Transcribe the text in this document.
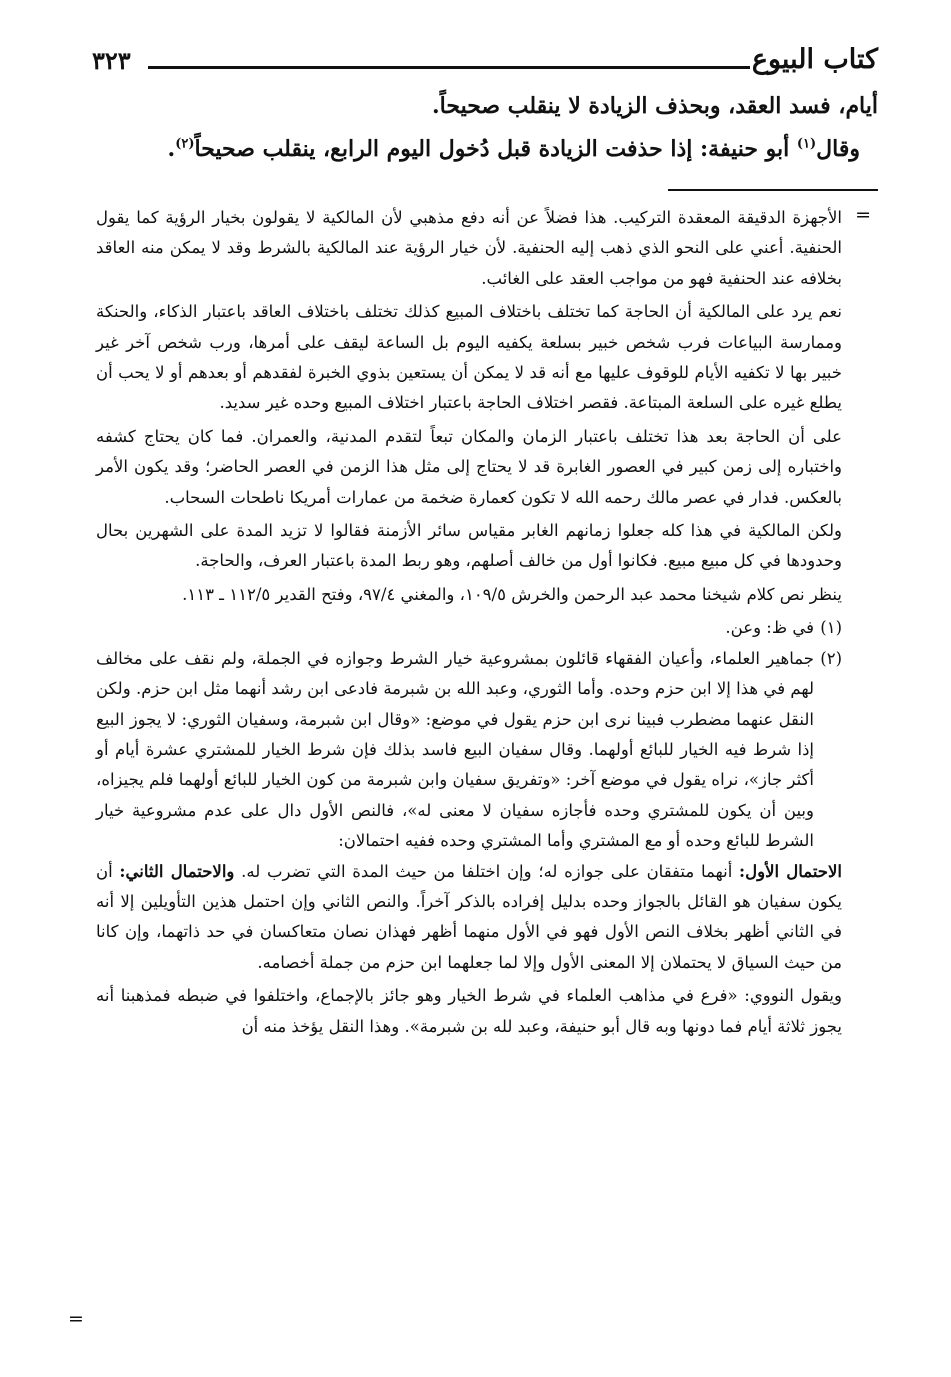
كتاب البيوع
٣٢٣

أيام، فسد العقد، وبحذف الزيادة لا ينقلب صحيحاً.

وقال$^{(١)}$ أبو حنيفة: إذا حذفت الزيادة قبل دُخول اليوم الرابع، ينقلب صحيحاً$^{(٢)}$.

=

الأجهزة الدقيقة المعقدة التركيب. هذا فضلاً عن أنه دفع مذهبي لأن المالكية لا يقولون بخيار الرؤية كما يقول الحنفية. أعني على النحو الذي ذهب إليه الحنفية. لأن خيار الرؤية عند المالكية بالشرط وقد لا يمكن منه العاقد بخلافه عند الحنفية فهو من مواجب العقد على الغائب.

نعم يرد على المالكية أن الحاجة كما تختلف باختلاف المبيع كذلك تختلف باختلاف العاقد باعتبار الذكاء، والحنكة وممارسة البياعات فرب شخص خبير بسلعة يكفيه اليوم بل الساعة ليقف على أمرها، ورب شخص آخر غير خبير بها لا تكفيه الأيام للوقوف عليها مع أنه قد لا يمكن أن يستعين بذوي الخبرة لفقدهم أو بعدهم أو لا يحب أن يطلع غيره على السلعة المبتاعة. فقصر اختلاف الحاجة باعتبار اختلاف المبيع وحده غير سديد.

على أن الحاجة بعد هذا تختلف باعتبار الزمان والمكان تبعاً لتقدم المدنية، والعمران. فما كان يحتاج كشفه واختباره إلى زمن كبير في العصور الغابرة قد لا يحتاج إلى مثل هذا الزمن في العصر الحاضر؛ وقد يكون الأمر بالعكس. فدار في عصر مالك رحمه الله لا تكون كعمارة ضخمة من عمارات أمريكا ناطحات السحاب.

ولكن المالكية في هذا كله جعلوا زمانهم الغابر مقياس سائر الأزمنة فقالوا لا تزيد المدة على الشهرين بحال وحدودها في كل مبيع مبيع. فكانوا أول من خالف أصلهم، وهو ربط المدة باعتبار العرف، والحاجة.

ينظر نص كلام شيخنا محمد عبد الرحمن والخرش ١٠٩/٥، والمغني ٩٧/٤، وفتح القدير ١١٢/٥ ـ ١١٣.

(١)
في ظ: وعن.
(٢)
جماهير العلماء، وأعيان الفقهاء قائلون بمشروعية خيار الشرط وجوازه في الجملة، ولم نقف على مخالف لهم في هذا إلا ابن حزم وحده. وأما الثوري، وعبد الله بن شبرمة فادعى ابن رشد أنهما مثل ابن حزم. ولكن النقل عنهما مضطرب فبينا نرى ابن حزم يقول في موضع: «وقال ابن شبرمة، وسفيان الثوري: لا يجوز البيع إذا شرط فيه الخيار للبائع أولهما. وقال سفيان البيع فاسد بذلك فإن شرط الخيار للمشتري عشرة أيام أو أكثر جاز»، نراه يقول في موضع آخر: «وتفريق سفيان وابن شبرمة من كون الخيار للبائع أولهما فلم يجيزاه، وبين أن يكون للمشتري وحده فأجازه سفيان لا معنى له»، فالنص الأول دال على عدم مشروعية خيار الشرط للبائع وحده أو مع المشتري وأما المشتري وحده ففيه احتمالان:

الاحتمال الأول: أنهما متفقان على جوازه له؛ وإن اختلفا من حيث المدة التي تضرب له. والاحتمال الثاني: أن يكون سفيان هو القائل بالجواز وحده بدليل إفراده بالذكر آخراً. والنص الثاني وإن احتمل هذين التأويلين إلا أنه في الثاني أظهر بخلاف النص الأول فهو في الأول منهما أظهر فهذان نصان متعاكسان في حد ذاتهما، وإن كانا من حيث السياق لا يحتملان إلا المعنى الأول وإلا لما جعلهما ابن حزم من جملة أخصامه.

ويقول النووي: «فرع في مذاهب العلماء في شرط الخيار وهو جائز بالإجماع، واختلفوا في ضبطه فمذهبنا أنه يجوز ثلاثة أيام فما دونها وبه قال أبو حنيفة، وعبد لله بن شبرمة». وهذا النقل يؤخذ منه أن

=
